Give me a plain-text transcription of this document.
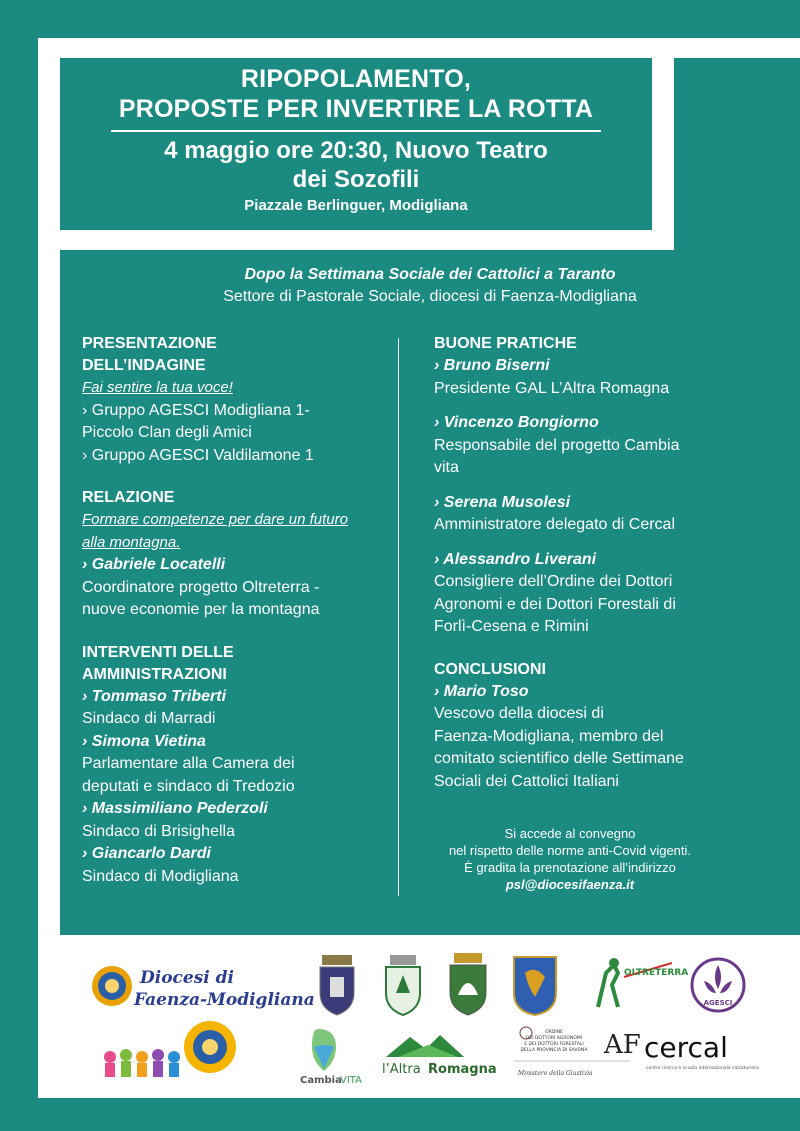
RIPOPOLAMENTO,
PROPOSTE PER INVERTIRE LA ROTTA
4 maggio ore 20:30, Nuovo Teatro
dei Sozofili
Piazzale Berlinguer, Modigliana
Dopo la Settimana Sociale dei Cattolici a Taranto
Settore di Pastorale Sociale, diocesi di Faenza-Modigliana
PRESENTAZIONE
DELL’INDAGINE
Fai sentire la tua voce!
› Gruppo AGESCI Modigliana 1-
Piccolo Clan degli Amici
› Gruppo AGESCI Valdilamone 1
RELAZIONE
Formare competenze per dare un futuro
alla montagna.
› Gabriele Locatelli
Coordinatore progetto Oltreterra -
nuove economie per la montagna
INTERVENTI DELLE
AMMINISTRAZIONI
› Tommaso Triberti
Sindaco di Marradi
› Simona Vietina
Parlamentare alla Camera dei
deputati e sindaco di Tredozio
› Massimiliano Pederzoli
Sindaco di Brisighella
› Giancarlo Dardi
Sindaco di Modigliana
BUONE PRATICHE
› Bruno Biserni
Presidente GAL L’Altra Romagna
› Vincenzo Bongiorno
Responsabile del progetto Cambia
vita
› Serena Musolesi
Amministratore delegato di Cercal
› Alessandro Liverani
Consigliere dell’Ordine dei Dottori
Agronomi e dei Dottori Forestali di
Forlì-Cesena e Rimini
CONCLUSIONI
› Mario Toso
Vescovo della diocesi di
Faenza-Modigliana, membro del
comitato scientifico delle Settimane
Sociali dei Cattolici Italiani
Si accede al convegno
nel rispetto delle norme anti-Covid vigenti.
È gradita la prenotazione all’indirizzo
psl@diocesifaenza.it
Diocesi di
Faenza-Modigliana
OLTRETERRA
AGESCI
Cambia
VITA
l’Altra Romagna
ORDINE
DEI DOTTORI AGRONOMI
E DEI DOTTORI FORESTALI
DELLA PROVINCIA DI SAVONA AF
Ministero della Giustizia
cercal
centro ricerca e scuola internazionale calzaturiera
